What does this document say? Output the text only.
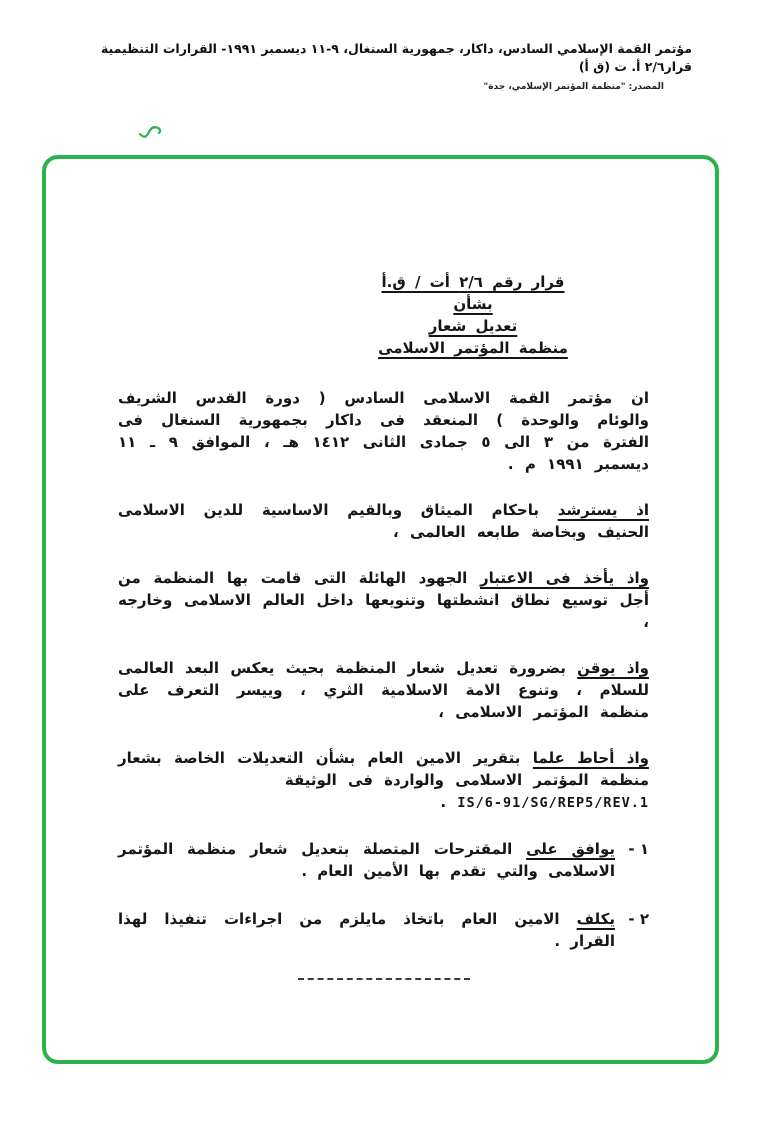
مؤتمر القمة الإسلامي السادس، داكار، جمهورية السنغال، ٩-١١ ديسمبر ١٩٩١- القرارات التنظيمية قرار٢/٦ أ. ت (ق أ)
المصدر: "منظمة المؤتمر الإسلامي، جدة"
قرار رقم ٢/٦ أت / ق.أ
بشأن
تعديل شعار
منظمة المؤتمر الاسلامى

ان مؤتمر القمة الاسلامى السادس ( دورة القدس الشريف والوئام والوحدة ) المنعقد فى داكار بجمهورية السنغال فى الفترة من ٣ الى ٥ جمادى الثانى ١٤١٢ هـ ، الموافق ٩ ـ ١١ ديسمبر ١٩٩١ م .

اذ يسترشد باحكام الميثاق وبالقيم الاساسية للدين الاسلامى الحنيف وبخاصة طابعه العالمى ،

واذ يأخذ فى الاعتبار الجهود الهائلة التى قامت بها المنظمة من أجل توسيع نطاق انشطتها وتنويعها داخل العالم الاسلامى وخارجه ،

واذ يوقن بضرورة تعديل شعار المنظمة بحيث يعكس البعد العالمى للسلام ، وتنوع الامة الاسلامية الثري ، وييسر التعرف على منظمة المؤتمر الاسلامى ،

واذ أحاط علما بتقرير الامين العام بشأن التعديلات الخاصة بشعار منظمة المؤتمر الاسلامى والواردة فى الوثيقة
IS/6-91/SG/REP5/REV.1 .

١ -
يوافق على المقترحات المتصلة بتعديل شعار منظمة المؤتمر الاسلامى والتي تقدم بها الأمين العام .
٢ -
يكلف الامين العام باتخاذ مايلزم من اجراءات تنفيذا لهذا القرار .
